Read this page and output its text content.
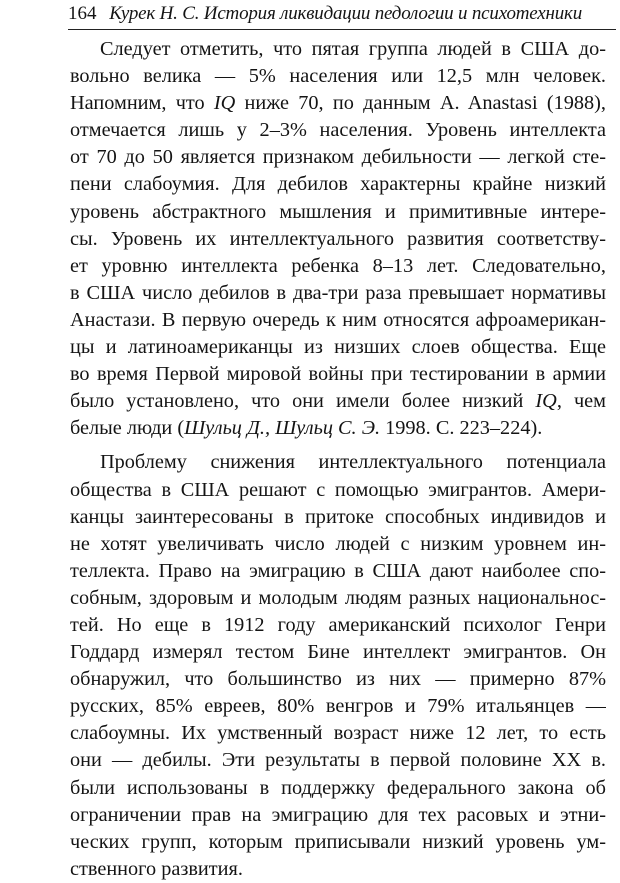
164 Курек Н. С. История ликвидации педологии и психотехники
Следует отметить, что пятая группа людей в США до-
вольно велика — 5% населения или 12,5 млн человек.
Напомним, что IQ ниже 70, по данным A. Anastasi (1988),
отмечается лишь у 2–3% населения. Уровень интеллекта
от 70 до 50 является признаком дебильности — легкой сте-
пени слабоумия. Для дебилов характерны крайне низкий
уровень абстрактного мышления и примитивные интере-
сы. Уровень их интеллектуального развития соответству-
ет уровню интеллекта ребенка 8–13 лет. Следовательно,
в США число дебилов в два-три раза превышает нормативы
Анастази. В первую очередь к ним относятся афроамерикан-
цы и латиноамериканцы из низших слоев общества. Еще
во время Первой мировой войны при тестировании в армии
было установлено, что они имели более низкий IQ, чем
белые люди (Шульц Д., Шульц С. Э. 1998. С. 223–224).
Проблему снижения интеллектуального потенциала
общества в США решают с помощью эмигрантов. Амери-
канцы заинтересованы в притоке способных индивидов и
не хотят увеличивать число людей с низким уровнем ин-
теллекта. Право на эмиграцию в США дают наиболее спо-
собным, здоровым и молодым людям разных национальнос-
тей. Но еще в 1912 году американский психолог Генри
Годдард измерял тестом Бине интеллект эмигрантов. Он
обнаружил, что большинство из них — примерно 87%
русских, 85% евреев, 80% венгров и 79% итальянцев —
слабоумны. Их умственный возраст ниже 12 лет, то есть
они — дебилы. Эти результаты в первой половине XX в.
были использованы в поддержку федерального закона об
ограничении прав на эмиграцию для тех расовых и этни-
ческих групп, которым приписывали низкий уровень ум-
ственного развития.
